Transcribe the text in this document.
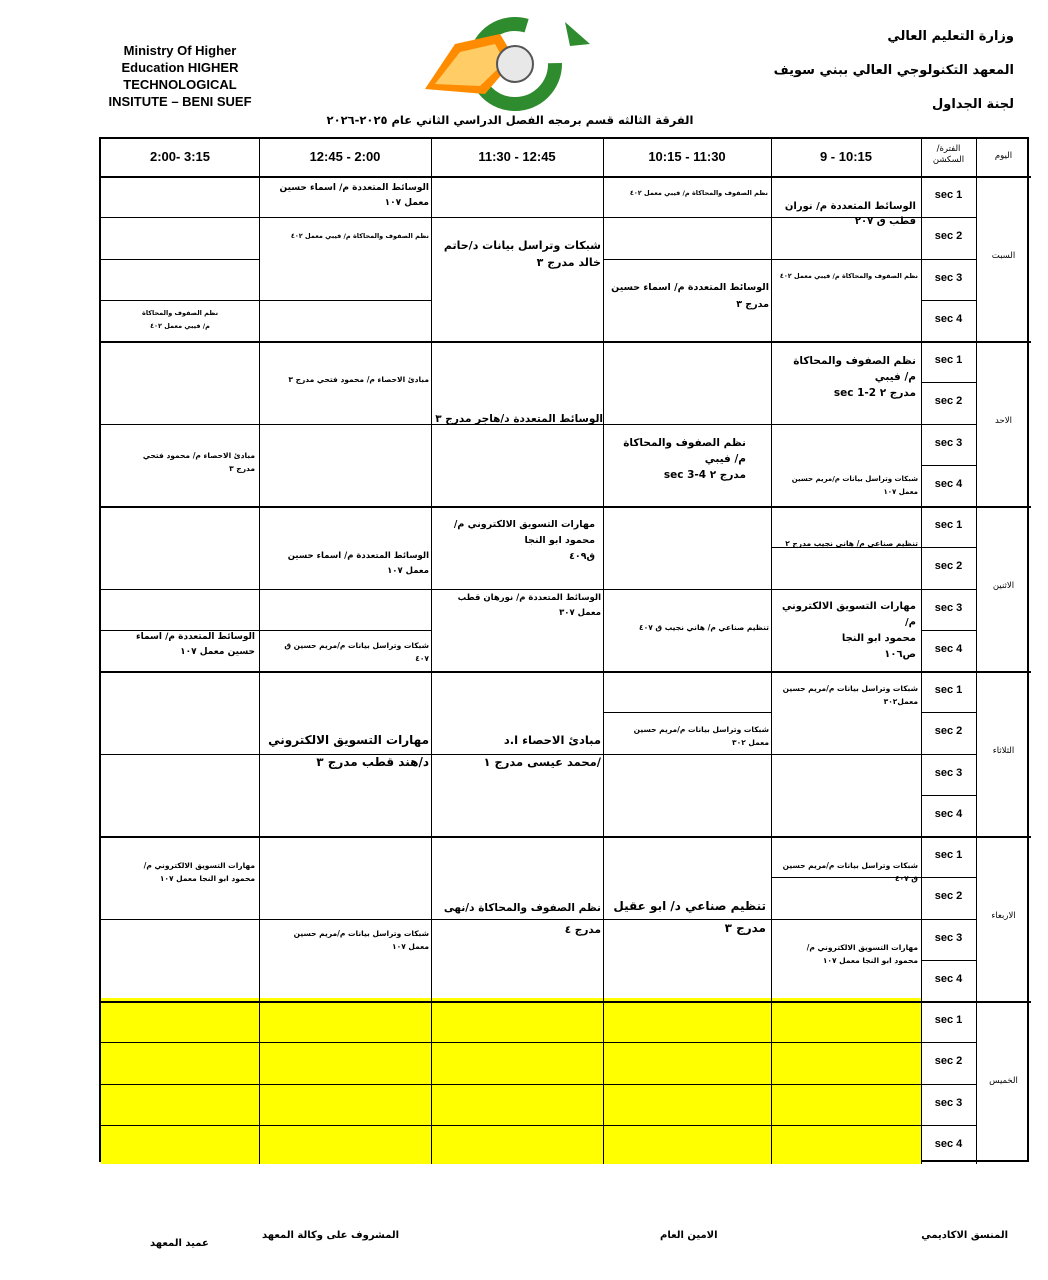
Ministry Of Higher
Education HIGHER
TECHNOLOGICAL
INSITUTE – BENI SUEF
وزارة التعليم العالي
المعهد التكنولوجي العالي ببني سويف
لجنة الجداول
الفرقة الثالثه قسم برمجه الفصل الدراسي الثاني عام ٢٠٢٥-٢٠٢٦
اليوم
الفترة/ السكشن
9 - 10:15
10:15 - 11:30
11:30 - 12:45
12:45 - 2:00
2:00- 3:15
السبت
الاحد
الاثنين
الثلاثاء
الاربعاء
الخميس
sec 1
sec 2
sec 3
sec 4
sec 1
sec 2
sec 3
sec 4
sec 1
sec 2
sec 3
sec 4
sec 1
sec 2
sec 3
sec 4
sec 1
sec 2
sec 3
sec 4
sec 1
sec 2
sec 3
sec 4
الوسائط المتعددة م/ نوران
قطب ق ٢٠٧
نظم الصفوف والمحاكاة م/ فيبي معمل ٤٠٢
نظم الصفوف والمحاكاة م/ فيبي معمل ٤٠٢
الوسائط المتعددة م/ اسماء حسين
مدرج ٣
شبكات وتراسل بيانات د/حاتم
خالد مدرج ٣
الوسائط المتعددة م/ اسماء حسين
معمل ١٠٧
نظم الصفوف والمحاكاة م/ فيبي معمل ٤٠٢
نظم الصفوف والمحاكاة
م/ فيبي معمل ٤٠٢
نظم الصفوف والمحاكاة
م/ فيبي
مدرج ٢ sec 1-2
شبكات وتراسل بيانات م/مريم حسين
معمل ١٠٧
نظم الصفوف والمحاكاة
م/ فيبي
مدرج ٢ sec 3-4
الوسائط المتعددة د/هاجر مدرج ٣
مبادئ الاحصاء م/ محمود فتحي مدرج ٣
مبادئ الاحصاء م/ محمود فتحي
مدرج ٣
تنظيم صناعي م/ هاني نجيب مدرج ٢
مهارات التسويق الالكتروني م/
محمود ابو النجا
ص١٠٦
تنظيم صناعي م/ هاني نجيب ق ٤٠٧
مهارات التسويق الالكتروني م/
محمود ابو النجا
ق٤٠٩
الوسائط المتعددة م/ نورهان قطب
معمل ٣٠٧
الوسائط المتعددة م/ اسماء حسين
معمل ١٠٧
شبكات وتراسل بيانات م/مريم حسين ق
٤٠٧
الوسائط المتعددة م/ اسماء
حسين معمل ١٠٧
شبكات وتراسل بيانات م/مريم حسين
معمل٣٠٢
شبكات وتراسل بيانات م/مريم حسين
معمل ٣٠٢
مبادئ الاحصاء ا.د
/محمد عيسى مدرج ١
مهارات التسويق الالكتروني
د/هند قطب مدرج ٣
شبكات وتراسل بيانات م/مريم حسين
ق ٤٠٧
مهارات التسويق الالكتروني م/
محمود ابو النجا معمل ١٠٧
تنظيم صناعي د/ ابو عقيل
مدرج ٣
نظم الصفوف والمحاكاة د/نهى
مدرج ٤
مهارات التسويق الالكتروني م/
محمود ابو النجا معمل ١٠٧
شبكات وتراسل بيانات م/مريم حسين
معمل ١٠٧
المنسق الاكاديمي
الامين العام
المشروف على وكالة المعهد
عميد المعهد
